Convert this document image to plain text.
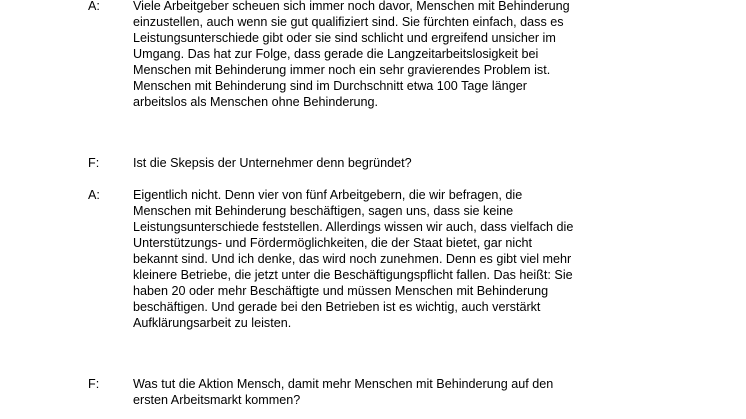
A:	Viele Arbeitgeber scheuen sich immer noch davor, Menschen mit Behinderung
einzustellen, auch wenn sie gut qualifiziert sind. Sie fürchten einfach, dass es
Leistungsunterschiede gibt oder sie sind schlicht und ergreifend unsicher im
Umgang. Das hat zur Folge, dass gerade die Langzeitarbeitslosigkeit bei
Menschen mit Behinderung immer noch ein sehr gravierendes Problem ist.
Menschen mit Behinderung sind im Durchschnitt etwa 100 Tage länger
arbeitslos als Menschen ohne Behinderung.
F:	Ist die Skepsis der Unternehmer denn begründet?
A:	Eigentlich nicht. Denn vier von fünf Arbeitgebern, die wir befragen, die
Menschen mit Behinderung beschäftigen, sagen uns, dass sie keine
Leistungsunterschiede feststellen. Allerdings wissen wir auch, dass vielfach die
Unterstützungs- und Fördermöglichkeiten, die der Staat bietet, gar nicht
bekannt sind. Und ich denke, das wird noch zunehmen. Denn es gibt viel mehr
kleinere Betriebe, die jetzt unter die Beschäftigungspflicht fallen. Das heißt: Sie
haben 20 oder mehr Beschäftigte und müssen Menschen mit Behinderung
beschäftigen. Und gerade bei den Betrieben ist es wichtig, auch verstärkt
Aufklärungsarbeit zu leisten.
F:	Was tut die Aktion Mensch, damit mehr Menschen mit Behinderung auf den
ersten Arbeitsmarkt kommen?
